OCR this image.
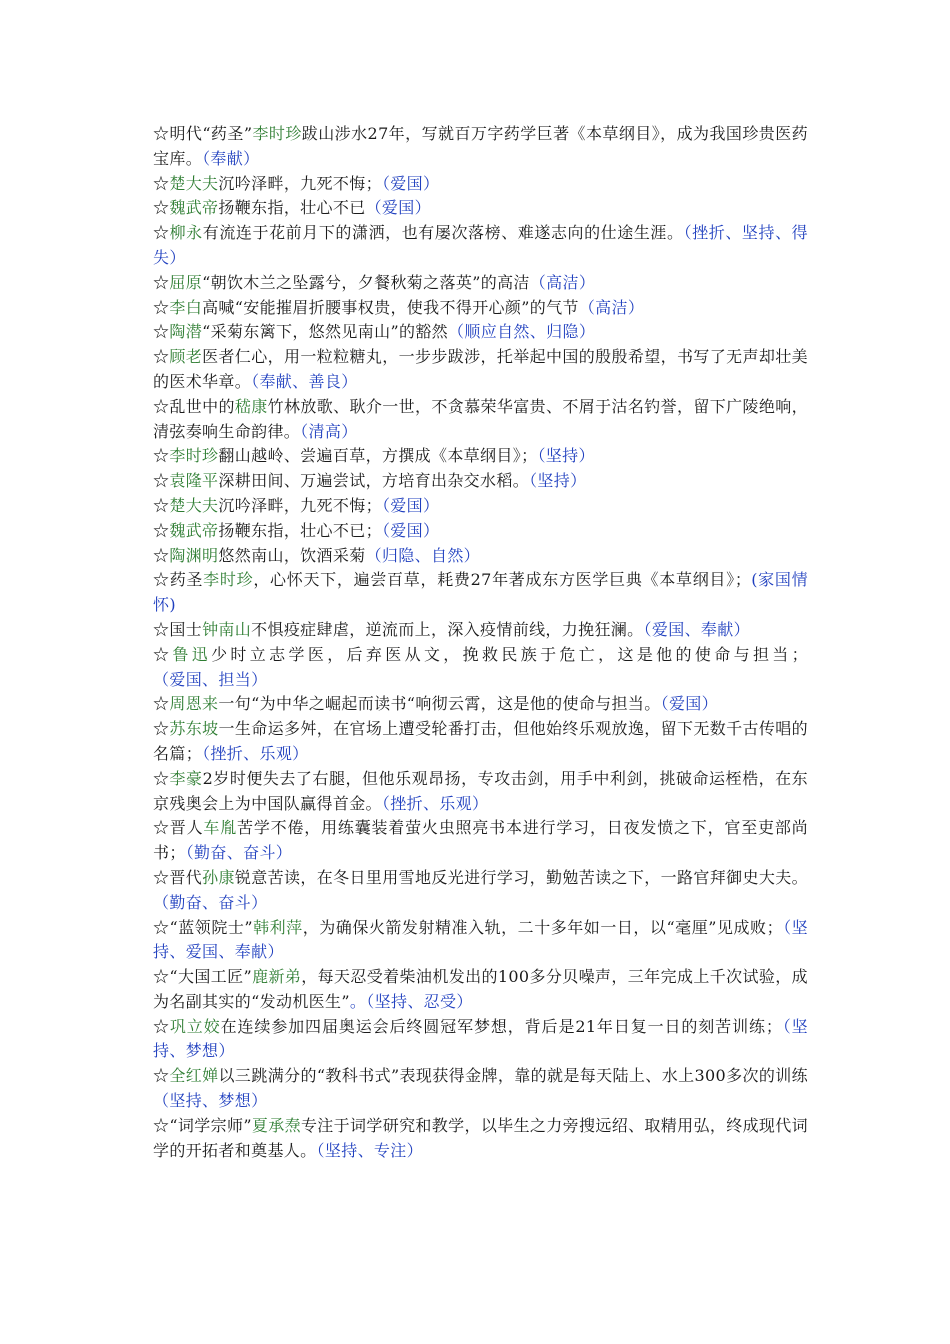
☆明代“药圣”李时珍跋山涉水27年，写就百万字药学巨著《本草纲目》，成为我国珍贵医药宝库。（奉献）

☆楚大夫沉吟泽畔，九死不悔；（爱国）

☆魏武帝扬鞭东指，壮心不已（爱国）

☆柳永有流连于花前月下的潇洒，也有屡次落榜、难遂志向的仕途生涯。（挫折、坚持、得失）

☆屈原“朝饮木兰之坠露兮，夕餐秋菊之落英”的高洁（高洁）

☆李白高喊“安能摧眉折腰事权贵，使我不得开心颜”的气节（高洁）

☆陶潜“采菊东篱下，悠然见南山”的豁然（顺应自然、归隐）

☆顾老医者仁心，用一粒粒糖丸，一步步跋涉，托举起中国的殷殷希望，书写了无声却壮美的医术华章。（奉献、善良）

☆乱世中的嵇康竹林放歌、耿介一世，不贪慕荣华富贵、不屑于沽名钓誉，留下广陵绝响，清弦奏响生命韵律。（清高）

☆李时珍翻山越岭、尝遍百草，方撰成《本草纲目》；（坚持）

☆袁隆平深耕田间、万遍尝试，方培育出杂交水稻。（坚持）

☆楚大夫沉吟泽畔，九死不悔；（爱国）

☆魏武帝扬鞭东指，壮心不已；（爱国）

☆陶渊明悠然南山，饮酒采菊（归隐、自然）

☆药圣李时珍，心怀天下，遍尝百草，耗费27年著成东方医学巨典《本草纲目》；(家国情怀)

☆国士钟南山不惧疫症肆虐，逆流而上，深入疫情前线，力挽狂澜。（爱国、奉献）

☆鲁迅少时立志学医，后弃医从文，挽救民族于危亡，这是他的使命与担当；（爱国、担当）

☆周恩来一句“为中华之崛起而读书“响彻云霄，这是他的使命与担当。（爱国）

☆苏东坡一生命运多舛，在官场上遭受轮番打击，但他始终乐观放逸，留下无数千古传唱的名篇；（挫折、乐观）

☆李豪2岁时便失去了右腿，但他乐观昂扬，专攻击剑，用手中利剑，挑破命运桎梏，在东京残奥会上为中国队赢得首金。（挫折、乐观）

☆晋人车胤苦学不倦，用练囊装着萤火虫照亮书本进行学习，日夜发愤之下，官至吏部尚书；（勤奋、奋斗）

☆晋代孙康锐意苦读，在冬日里用雪地反光进行学习，勤勉苦读之下，一路官拜御史大夫。（勤奋、奋斗）

☆“蓝领院士”韩利萍，为确保火箭发射精准入轨，二十多年如一日，以“毫厘”见成败；（坚持、爱国、奉献）

☆“大国工匠”鹿新弟，每天忍受着柴油机发出的100多分贝噪声，三年完成上千次试验，成为名副其实的“发动机医生”。（坚持、忍受）

☆巩立姣在连续参加四届奥运会后终圆冠军梦想，背后是21年日复一日的刻苦训练；（坚持、梦想）

☆全红婵以三跳满分的“教科书式”表现获得金牌，靠的就是每天陆上、水上300多次的训练（坚持、梦想）

☆“词学宗师”夏承焘专注于词学研究和教学，以毕生之力旁搜远绍、取精用弘，终成现代词学的开拓者和奠基人。（坚持、专注）
